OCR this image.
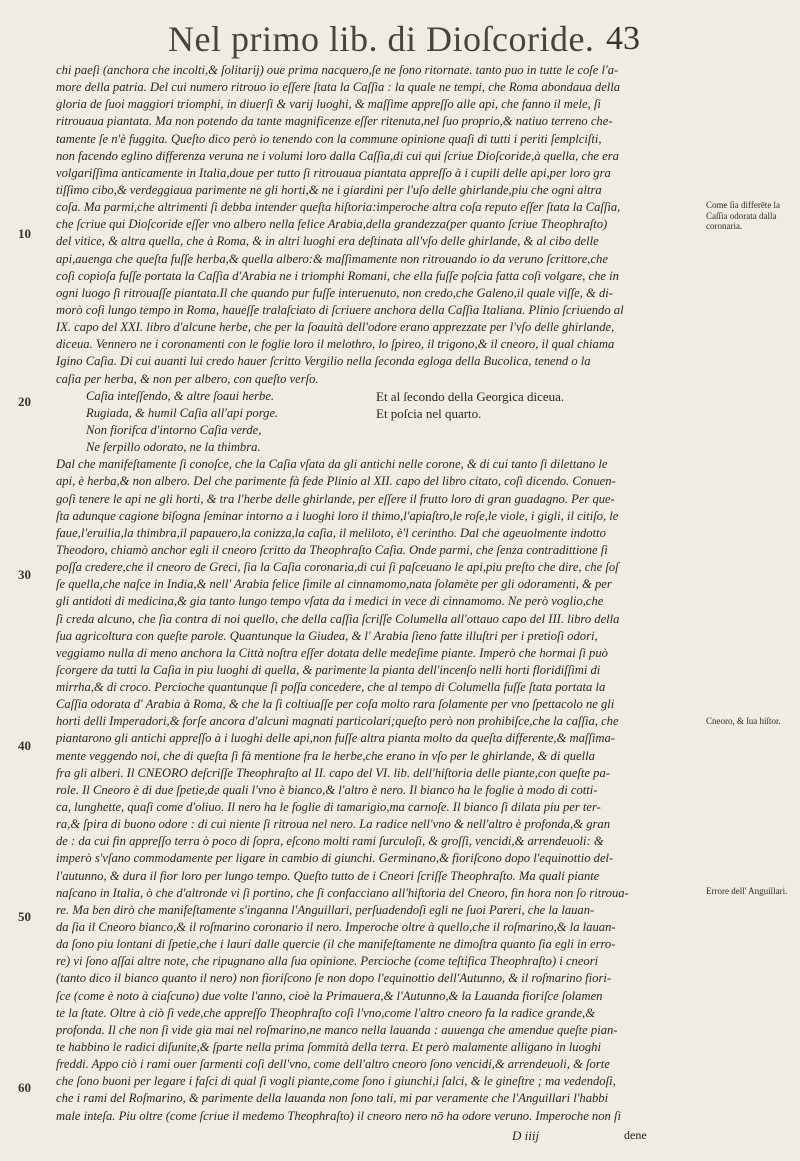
Nel primo lib. di Dioſcoride. 43
chi paeſi (anchora che incolti,& ſolitarij) oue prima nacquero,ſe ne ſono ritornate. tanto puo in tutte le coſe l'a-
more della patria. Del cui numero ritrouo io eſſere ſtata la Caſſia : la quale ne tempi, che Roma abondaua della
gloria de ſuoi maggiori triomphi, in diuerſi & varij luoghi, & maſſime appreſſo alle api, che fanno il mele, ſi
ritrouaua piantata. Ma non potendo da tante magnificenze eſſer ritenuta,nel ſuo proprio,& natiuo terreno che-
tamente ſe n'è fuggita. Queſto dico però io tenendo con la commune opinione quaſi di tutti i periti ſemplciſti,
non facendo eglino differenza veruna ne i volumi loro dalla Caſſia,di cui qui ſcriue Dioſcoride,à quella, che era
volgariſſima anticamente in Italia,doue per tutto ſi ritrouaua piantata appreſſo à i cupili delle api,per loro gra
tiſſimo cibo,& verdeggiaua parimente ne gli horti,& ne i giardini per l'uſo delle ghirlande,piu che ogni altra
coſa. Ma parmi,che altrimenti ſi debba intender queſta hiſtoria:imperoche altra coſa reputo eſſer ſtata la Caſſia,
che ſcriue qui Dioſcoride eſſer vno albero nella felice Arabia,della grandezza(per quanto ſcriue Theophraſto)
del vitice, & altra quella, che à Roma, & in altri luoghi era deſtinata all'vſo delle ghirlande, & al cibo delle
api,auenga che queſta fuſſe herba,& quella albero:& maſſimamente non ritrouando io da veruno ſcrittore,che
coſi copioſa fuſſe portata la Caſſia d'Arabia ne i triomphi Romani, che ella fuſſe poſcia fatta coſi volgare, che in
ogni luogo ſi ritrouaſſe piantata.Il che quando pur fuſſe interuenuto, non credo,che Galeno,il quale viſſe, & di-
morò coſi lungo tempo in Roma, haueſſe tralaſciato di ſcriuere anchora della Caſſia Italiana. Plinio ſcriuendo al
IX. capo del XXI. libro d'alcune herbe, che per la ſoauità dell'odore erano apprezzate per l'vſo delle ghirlande,
diceua. Vennero ne i coronamenti con le foglie loro il melothro, lo ſpireo, il trigono,& il cneoro, il qual chiama
Igino Caſia. Di cui auanti lui credo hauer ſcritto Vergilio nella ſeconda egloga della Bucolica, tenend o la
caſia per herba, & non per albero, con queſto verſo.
Caſia inteſſendo, & altre ſoaui herbe.	Et al ſecondo della Georgica diceua.
Rugiada, & humil Caſia all'api porge.	Et poſcia nel quarto.
Non fiorifca d'intorno Caſia verde,
Ne ſerpillo odorato, ne la thimbra.
Dal che manifeſtamente ſi conoſce, che la Caſia vſata da gli antichi nelle corone, & di cui tanto ſi dilettano le
api, è herba,& non albero. Del che parimente fà fede Plinio al XII. capo del libro citato, coſi dicendo. Conuen-
goſi tenere le api ne gli horti, & tra l'herbe delle ghirlande, per eſſere il frutto loro di gran guadagno. Per que-
ſta adunque cagione biſogna ſeminar intorno a i luoghi loro il thimo,l'apiaſtro,le roſe,le viole, i gigli, il citiſo, le
faue,l'eruilia,la thimbra,il papauero,la conizza,la caſia, il meliloto, è'l cerintho. Dal che ageuolmente indotto
Theodoro, chiamò anchor egli il cneoro ſcritto da Theophraſto Caſia. Onde parmi, che ſenza contradittione ſi
poſſa credere,che il cneoro de Greci, ſia la Caſia coronaria,di cui ſi paſceuano le api,piu preſto che dire, che ſoſ
ſe quella,che naſce in India,& nell' Arabia felice ſimile al cinnamomo,nata ſolamète per gli odoramenti, & per
gli antidoti di medicina,& gia tanto lungo tempo vſata da i medici in vece di cinnamomo. Ne però voglio,che
ſi creda alcuno, che ſia contra di noi quello, che della caſſia ſcriſſe Columella all'ottauo capo del III. libro della
ſua agricoltura con queſte parole. Quantunque la Giudea, & l' Arabia ſieno fatte illuſtri per i pretioſi odori,
veggiamo nulla di meno anchora la Città noſtra eſſer dotata delle medeſime piante. Imperò che hormai ſi può
ſcorgere da tutti la Caſia in piu luoghi di quella, & parimente la pianta dell'incenſo nelli horti floridiſſimi di
mirrha,& di croco. Percioche quantunque ſi poſſa concedere, che al tempo di Columella fuſſe ſtata portata la
Caſſia odorata d' Arabia à Roma, & che la ſi coltiuaſſe per coſa molto rara ſolamente per vno ſpettacolo ne gli
horti delli Imperadori,& forſe ancora d'alcuni magnati particolari;queſto però non prohibiſce,che la caſſia, che
piantarono gli antichi appreſſo à i luoghi delle api,non fuſſe altra pianta molto da queſta differente,& maſſima-
mente veggendo noi, che di queſta ſi fà mentione fra le herbe,che erano in vſo per le ghirlande, & di quella
fra gli alberi. Il CNEORO deſcriſſe Theophraſto al II. capo del VI. lib. dell'hiſtoria delle piante,con queſte pa-
role. Il Cneoro è di due ſpetie,de quali l'vno è bianco,& l'altro è nero. Il bianco ha le foglie à modo di cotti-
ca, lunghette, quaſi come d'oliuo. Il nero ha le foglie di tamarigio,ma carnoſe. Il bianco ſi dilata piu per ter-
ra,& ſpira di buono odore : di cui niente ſi ritroua nel nero. La radice nell'vno & nell'altro è profonda,& gran
de : da cui fin appreſſo terra ò poco di ſopra, eſcono molti rami ſurculoſi, & groſſi, vencidi,& arrendeuoli: &
imperò s'vſano commodamente per ligare in cambio di giunchi. Germinano,& fioriſcono dopo l'equinottio del-
l'autunno, & dura il fior loro per lungo tempo. Queſto tutto de i Cneori ſcriſſe Theophraſto. Ma quali piante
naſcano in Italia, ò che d'altronde vi ſi portino, che ſi confacciano all'hiſtoria del Cneoro, fin hora non ſo ritroua-
re. Ma ben dirò che manifeſtamente s'inganna l'Anguillari, perſuadendoſi egli ne ſuoi Pareri, che la lauan-
da ſia il Cneoro bianco,& il roſmarino coronario il nero. Imperoche oltre à quello,che il roſmarino,& la lauan-
da ſono piu lontani di ſpetie,che i lauri dalle quercie (il che manifeſtamente ne dimoſtra quanto ſia egli in erro-
re) vi ſono aſſai altre note, che ripugnano alla ſua opinione. Percioche (come teſtifica Theophraſto) i cneori
(tanto dico il bianco quanto il nero) non fioriſcono ſe non dopo l'equinottio dell'Autunno, & il roſmarino fiori-
ſce (come è noto à ciaſcuno) due volte l'anno, cioè la Primauera,& l'Autunno,& la Lauanda fioriſce ſolamen
te la ſtate. Oltre à ciò ſi vede,che appreſſo Theophraſto coſi l'vno,come l'altro cneoro fa la radice grande,&
profonda. Il che non ſi vide gia mai nel roſmarino,ne manco nella lauanda : auuenga che amendue queſte pian-
te habbino le radici diſunite,& ſparte nella prima ſommità della terra. Et però malamente alligano in luoghi
freddi. Appo ciò i rami ouer ſarmenti coſi dell'vno, come dell'altro cneoro ſono vencidi,& arrendeuoli, & ſorte
che ſono buoni per legare i faſci di qual ſi vogli piante,come ſono i giunchi,i ſalci, & le gineſtre ; ma vedendoſi,
che i rami del Roſmarino, & parimente della lauanda non ſono tali, mi par veramente che l'Anguillari l'habbi
male inteſa. Piu oltre (come ſcriue il medemo Theophraſto) il cneoro nero nō ha odore veruno. Imperoche non ſi
Come ſia differēte la Caſſia odorata dalla coronaria.
Cneoro, & ſua hiſtor.
Errore dell' Anguillari.
10
20
30
40
50
60
D iiij	dene
